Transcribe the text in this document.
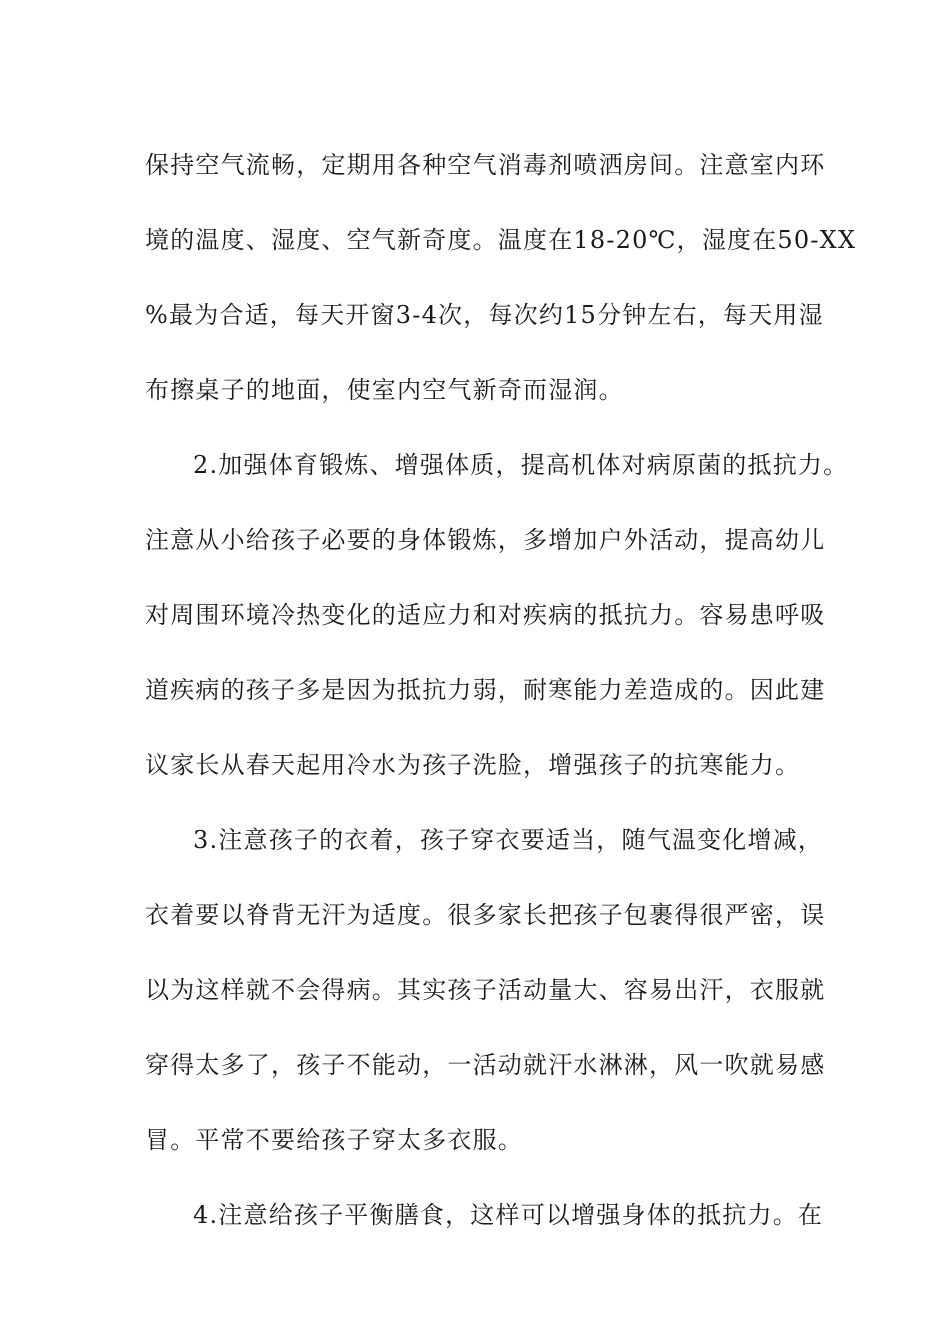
保持空气流畅，定期用各种空气消毒剂喷洒房间。注意室内环
境的温度、湿度、空气新奇度。温度在18-20℃，湿度在50-XX
%最为合适，每天开窗3-4次，每次约15分钟左右，每天用湿
布擦桌子的地面，使室内空气新奇而湿润。
2.加强体育锻炼、增强体质，提高机体对病原菌的抵抗力。
注意从小给孩子必要的身体锻炼，多增加户外活动，提高幼儿
对周围环境冷热变化的适应力和对疾病的抵抗力。容易患呼吸
道疾病的孩子多是因为抵抗力弱，耐寒能力差造成的。因此建
议家长从春天起用冷水为孩子洗脸，增强孩子的抗寒能力。
3.注意孩子的衣着，孩子穿衣要适当，随气温变化增减，
衣着要以脊背无汗为适度。很多家长把孩子包裹得很严密，误
以为这样就不会得病。其实孩子活动量大、容易出汗，衣服就
穿得太多了，孩子不能动，一活动就汗水淋淋，风一吹就易感
冒。平常不要给孩子穿太多衣服。
4.注意给孩子平衡膳食，这样可以增强身体的抵抗力。在
